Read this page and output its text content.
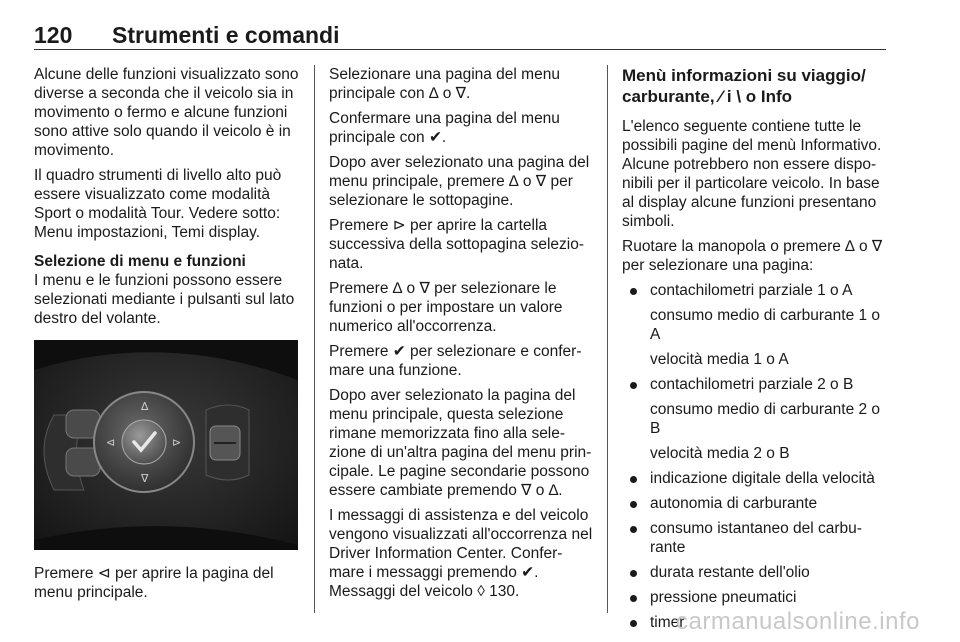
120 Strumenti e comandi

Alcune delle funzioni visualizzato sono diverse a seconda che il veicolo sia in movimento o fermo e alcune funzioni sono attive solo quando il veicolo è in movimento.

Il quadro strumenti di livello alto può essere visualizzato come modalità Sport o modalità Tour. Vedere sotto: Menu impostazioni, Temi display.

Selezione di menu e funzioni

I menu e le funzioni possono essere selezionati mediante i pulsanti sul lato destro del volante.

∆
∇
⊲	⊳

Premere ⊲ per aprire la pagina del menu principale.

Selezionare una pagina del menu principale con ∆ o ∇.

Confermare una pagina del menu principale con ✔.

Dopo aver selezionato una pagina del menu principale, premere ∆ o ∇ per selezionare le sottopagine.

Premere ⊳ per aprire la cartella successiva della sottopagina selezio-nata.

Premere ∆ o ∇ per selezionare le funzioni o per impostare un valore numerico all'occorrenza.

Premere ✔ per selezionare e confer-mare una funzione.

Dopo aver selezionato la pagina del menu principale, questa selezione rimane memorizzata fino alla sele-zione di un'altra pagina del menu prin-cipale. Le pagine secondarie possono essere cambiate premendo ∇ o ∆.

I messaggi di assistenza e del veicolo vengono visualizzati all'occorrenza nel Driver Information Center. Confer-mare i messaggi premendo ✔. Messaggi del veicolo ◊ 130.

Menù informazioni su viaggio/ carburante, ⁄ i \ o Info

L'elenco seguente contiene tutte le possibili pagine del menù Informativo. Alcune potrebbero non essere dispo-nibili per il particolare veicolo. In base al display alcune funzioni presentano simboli.

Ruotare la manopola o premere ∆ o ∇ per selezionare una pagina:

contachilometri parziale 1 o A
consumo medio di carburante 1 o A
velocità media 1 o A
contachilometri parziale 2 o B
consumo medio di carburante 2 o B
velocità media 2 o B
indicazione digitale della velocità
autonomia di carburante
consumo istantaneo del carbu-rante
durata restante dell'olio
pressione pneumatici
timer
carmanualsonline.info
